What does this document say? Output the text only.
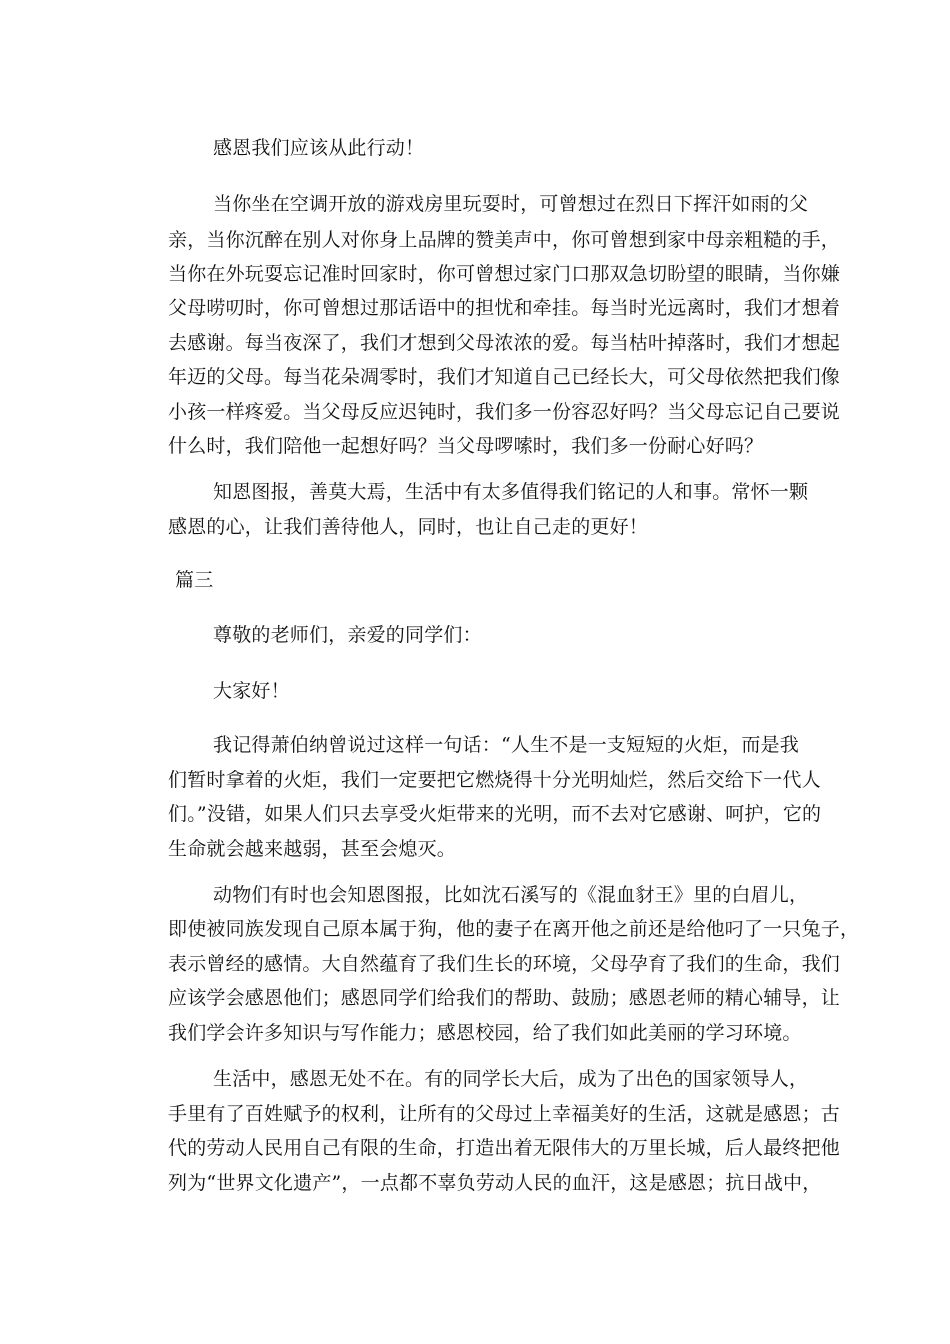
感恩我们应该从此行动！
当你坐在空调开放的游戏房里玩耍时，可曾想过在烈日下挥汗如雨的父
亲，当你沉醉在别人对你身上品牌的赞美声中，你可曾想到家中母亲粗糙的手，
当你在外玩耍忘记准时回家时，你可曾想过家门口那双急切盼望的眼睛，当你嫌
父母唠叨时，你可曾想过那话语中的担忧和牵挂。每当时光远离时，我们才想着
去感谢。每当夜深了，我们才想到父母浓浓的爱。每当枯叶掉落时，我们才想起
年迈的父母。每当花朵凋零时，我们才知道自己已经长大，可父母依然把我们像
小孩一样疼爱。当父母反应迟钝时，我们多一份容忍好吗？当父母忘记自己要说
什么时，我们陪他一起想好吗？当父母啰嗦时，我们多一份耐心好吗？
知恩图报，善莫大焉，生活中有太多值得我们铭记的人和事。常怀一颗
感恩的心，让我们善待他人，同时，也让自己走的更好！
篇三
尊敬的老师们，亲爱的同学们：
大家好！
我记得萧伯纳曾说过这样一句话：“人生不是一支短短的火炬，而是我
们暂时拿着的火炬，我们一定要把它燃烧得十分光明灿烂，然后交给下一代人
们。”没错，如果人们只去享受火炬带来的光明，而不去对它感谢、呵护，它的
生命就会越来越弱，甚至会熄灭。
动物们有时也会知恩图报，比如沈石溪写的《混血豺王》里的白眉儿，
即使被同族发现自己原本属于狗，他的妻子在离开他之前还是给他叼了一只兔子，
表示曾经的感情。大自然蕴育了我们生长的环境，父母孕育了我们的生命，我们
应该学会感恩他们；感恩同学们给我们的帮助、鼓励；感恩老师的精心辅导，让
我们学会许多知识与写作能力；感恩校园，给了我们如此美丽的学习环境。
生活中，感恩无处不在。有的同学长大后，成为了出色的国家领导人，
手里有了百姓赋予的权利，让所有的父母过上幸福美好的生活，这就是感恩；古
代的劳动人民用自己有限的生命，打造出着无限伟大的万里长城，后人最终把他
列为“世界文化遗产”，一点都不辜负劳动人民的血汗，这是感恩；抗日战中，
